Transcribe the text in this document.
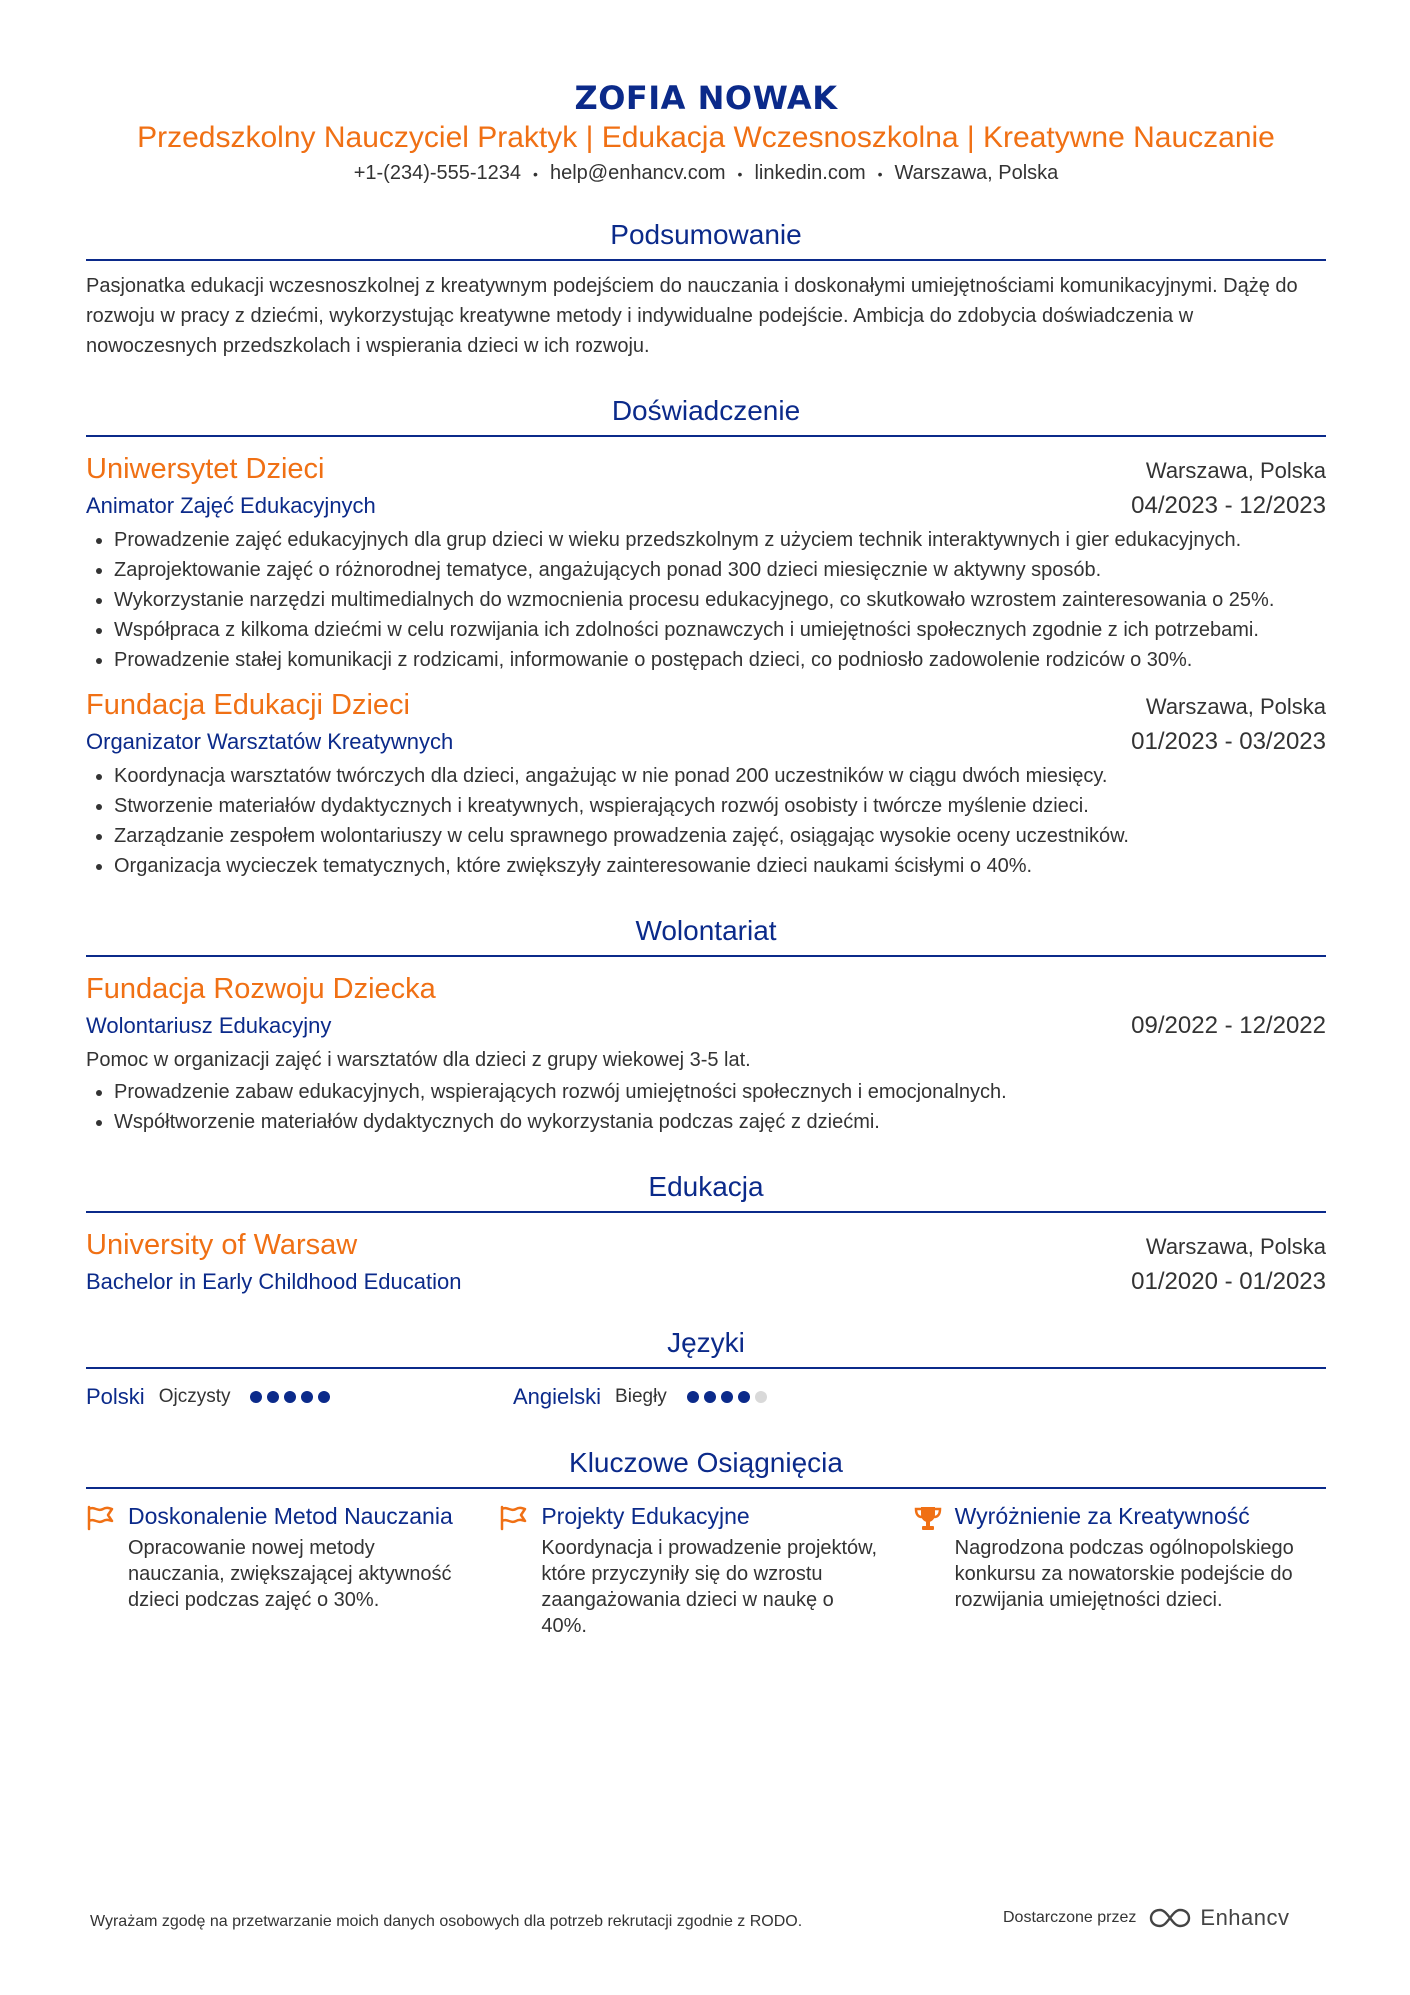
ZOFIA NOWAK
Przedszkolny Nauczyciel Praktyk | Edukacja Wczesnoszkolna | Kreatywne Nauczanie
+1-(234)-555-1234 • help@enhancv.com • linkedin.com • Warszawa, Polska
Podsumowanie
Pasjonatka edukacji wczesnoszkolnej z kreatywnym podejściem do nauczania i doskonałymi umiejętnościami komunikacyjnymi. Dążę do rozwoju w pracy z dziećmi, wykorzystując kreatywne metody i indywidualne podejście. Ambicja do zdobycia doświadczenia w nowoczesnych przedszkolach i wspierania dzieci w ich rozwoju.
Doświadczenie
Uniwersytet Dzieci	Warszawa, Polska
Animator Zajęć Edukacyjnych	04/2023 - 12/2023
Prowadzenie zajęć edukacyjnych dla grup dzieci w wieku przedszkolnym z użyciem technik interaktywnych i gier edukacyjnych.
Zaprojektowanie zajęć o różnorodnej tematyce, angażujących ponad 300 dzieci miesięcznie w aktywny sposób.
Wykorzystanie narzędzi multimedialnych do wzmocnienia procesu edukacyjnego, co skutkowało wzrostem zainteresowania o 25%.
Współpraca z kilkoma dziećmi w celu rozwijania ich zdolności poznawczych i umiejętności społecznych zgodnie z ich potrzebami.
Prowadzenie stałej komunikacji z rodzicami, informowanie o postępach dzieci, co podniosło zadowolenie rodziców o 30%.
Fundacja Edukacji Dzieci	Warszawa, Polska
Organizator Warsztatów Kreatywnych	01/2023 - 03/2023
Koordynacja warsztatów twórczych dla dzieci, angażując w nie ponad 200 uczestników w ciągu dwóch miesięcy.
Stworzenie materiałów dydaktycznych i kreatywnych, wspierających rozwój osobisty i twórcze myślenie dzieci.
Zarządzanie zespołem wolontariuszy w celu sprawnego prowadzenia zajęć, osiągając wysokie oceny uczestników.
Organizacja wycieczek tematycznych, które zwiększyły zainteresowanie dzieci naukami ścisłymi o 40%.
Wolontariat
Fundacja Rozwoju Dziecka
Wolontariusz Edukacyjny	09/2022 - 12/2022
Pomoc w organizacji zajęć i warsztatów dla dzieci z grupy wiekowej 3-5 lat.
Prowadzenie zabaw edukacyjnych, wspierających rozwój umiejętności społecznych i emocjonalnych.
Współtworzenie materiałów dydaktycznych do wykorzystania podczas zajęć z dziećmi.
Edukacja
University of Warsaw	Warszawa, Polska
Bachelor in Early Childhood Education	01/2020 - 01/2023
Języki
Polski Ojczysty	Angielski Biegły
Kluczowe Osiągnięcia
Doskonalenie Metod Nauczania
Opracowanie nowej metody nauczania, zwiększającej aktywność dzieci podczas zajęć o 30%.
Projekty Edukacyjne
Koordynacja i prowadzenie projektów, które przyczyniły się do wzrostu zaangażowania dzieci w naukę o 40%.
Wyróżnienie za Kreatywność
Nagrodzona podczas ogólnopolskiego konkursu za nowatorskie podejście do rozwijania umiejętności dzieci.
Wyrażam zgodę na przetwarzanie moich danych osobowych dla potrzeb rekrutacji zgodnie z RODO.	Dostarczone przez	Enhancv
